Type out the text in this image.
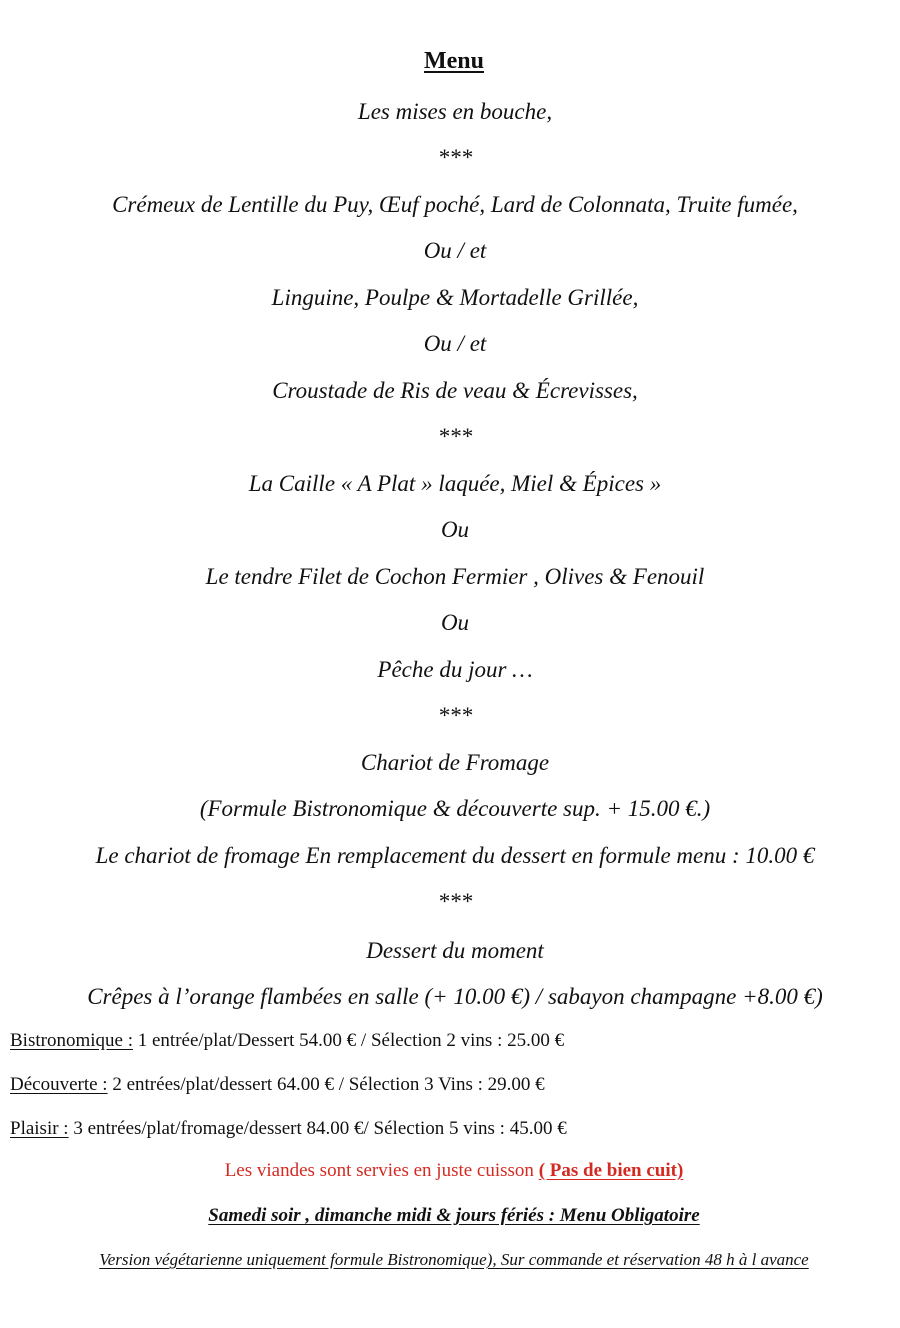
Menu
Les mises en bouche,
***
Crémeux de Lentille du Puy, Œuf poché, Lard de Colonnata, Truite fumée,
Ou / et
Linguine, Poulpe & Mortadelle Grillée,
Ou / et
Croustade de Ris de veau & Écrevisses,
***
La Caille « A Plat » laquée, Miel & Épices »
Ou
Le tendre Filet de Cochon Fermier , Olives & Fenouil
Ou
Pêche du jour …
***
Chariot de Fromage
(Formule Bistronomique & découverte sup. + 15.00 €.)
Le chariot de fromage En remplacement du dessert en formule menu : 10.00 €
***
Dessert du moment
Crêpes à l’orange flambées en salle (+ 10.00 €) / sabayon champagne +8.00 €)
Bistronomique : 1 entrée/plat/Dessert 54.00 € / Sélection 2 vins : 25.00 €
Découverte : 2 entrées/plat/dessert 64.00 € / Sélection 3 Vins : 29.00 €
Plaisir : 3 entrées/plat/fromage/dessert 84.00 €/ Sélection 5 vins : 45.00 €
Les viandes sont servies en juste cuisson ( Pas de bien cuit)
Samedi soir , dimanche midi & jours fériés : Menu Obligatoire
Version végétarienne uniquement formule Bistronomique), Sur commande et réservation 48 h à l avance
